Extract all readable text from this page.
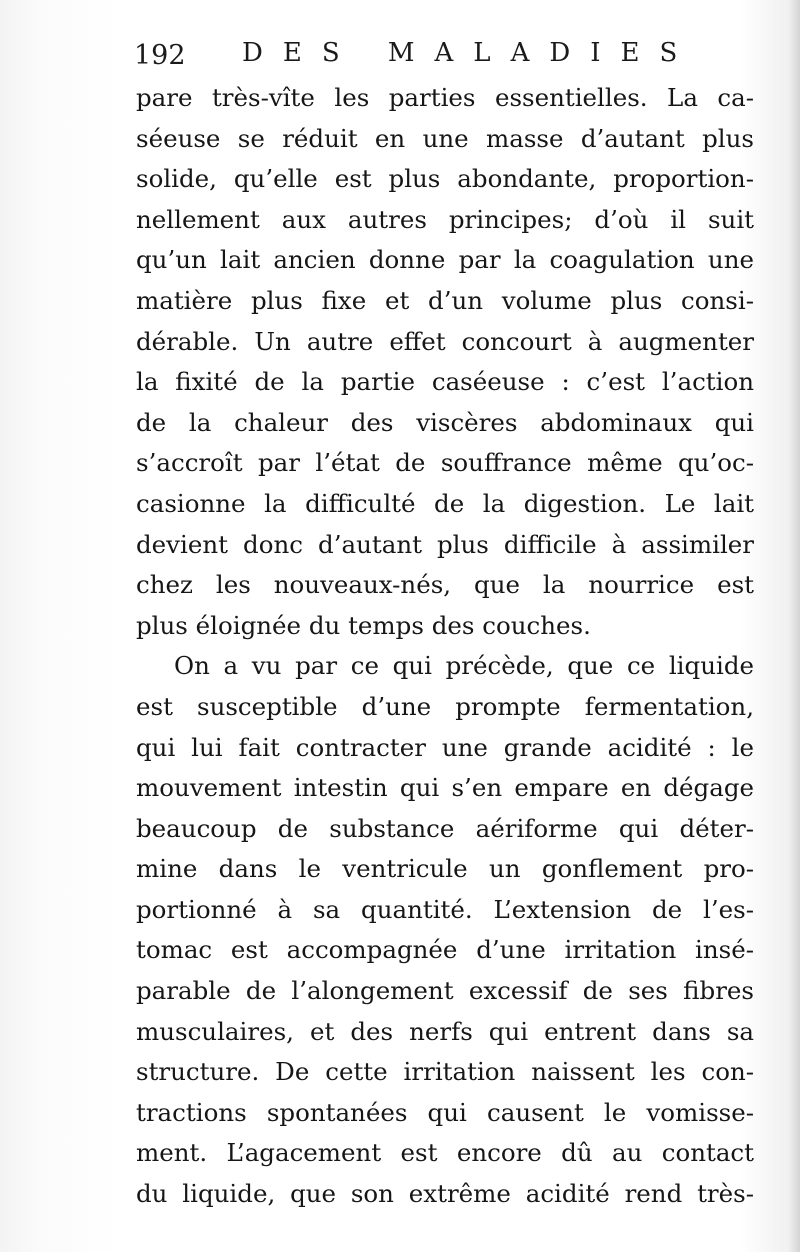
192 DES MALADIES
pare très-vîte les parties essentielles. La ca-
séeuse se réduit en une masse d’autant plus
solide, qu’elle est plus abondante, proportion-
nellement aux autres principes; d’où il suit
qu’un lait ancien donne par la coagulation une
matière plus fixe et d’un volume plus consi-
dérable. Un autre effet concourt à augmenter
la fixité de la partie caséeuse : c’est l’action
de la chaleur des viscères abdominaux qui
s’accroît par l’état de souffrance même qu’oc-
casionne la difficulté de la digestion. Le lait
devient donc d’autant plus difficile à assimiler
chez les nouveaux-nés, que la nourrice est
plus éloignée du temps des couches.
On a vu par ce qui précède, que ce liquide
est susceptible d’une prompte fermentation,
qui lui fait contracter une grande acidité : le
mouvement intestin qui s’en empare en dégage
beaucoup de substance aériforme qui déter-
mine dans le ventricule un gonflement pro-
portionné à sa quantité. L’extension de l’es-
tomac est accompagnée d’une irritation insé-
parable de l’alongement excessif de ses fibres
musculaires, et des nerfs qui entrent dans sa
structure. De cette irritation naissent les con-
tractions spontanées qui causent le vomisse-
ment. L’agacement est encore dû au contact
du liquide, que son extrême acidité rend très-
